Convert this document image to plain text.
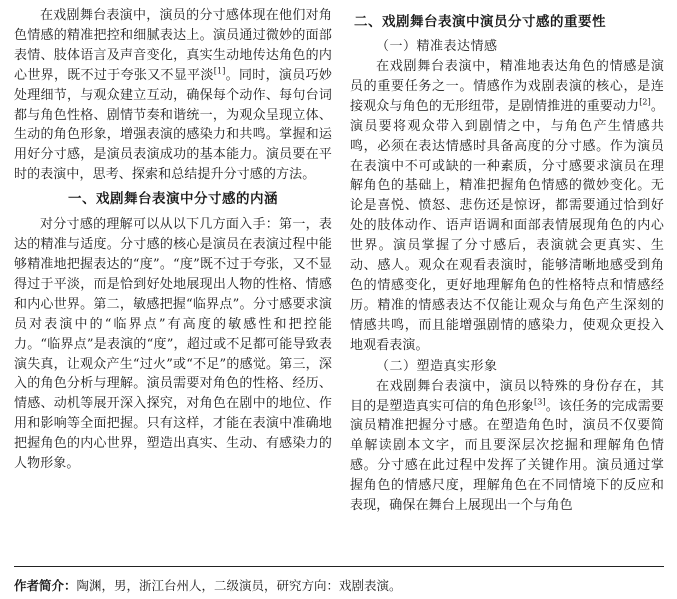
在戏剧舞台表演中，演员的分寸感体现在他们对角色情感的精准把控和细腻表达上。演员通过微妙的面部表情、肢体语言及声音变化，真实生动地传达角色的内心世界，既不过于夸张又不显平淡[1]。同时，演员巧妙处理细节，与观众建立互动，确保每个动作、每句台词都与角色性格、剧情节奏和谐统一，为观众呈现立体、生动的角色形象，增强表演的感染力和共鸣。掌握和运用好分寸感，是演员表演成功的基本能力。演员要在平时的表演中，思考、探索和总结提升分寸感的方法。

一、戏剧舞台表演中分寸感的内涵

对分寸感的理解可以从以下几方面入手：第一，表达的精准与适度。分寸感的核心是演员在表演过程中能够精准地把握表达的“度”。“度”既不过于夸张，又不显得过于平淡，而是恰到好处地展现出人物的性格、情感和内心世界。第二，敏感把握“临界点”。分寸感要求演员对表演中的“临界点”有高度的敏感性和把控能力。“临界点”是表演的“度”，超过或不足都可能导致表演失真，让观众产生“过火”或“不足”的感觉。第三，深入的角色分析与理解。演员需要对角色的性格、经历、情感、动机等展开深入探究，对角色在剧中的地位、作用和影响等全面把握。只有这样，才能在表演中准确地把握角色的内心世界，塑造出真实、生动、有感染力的人物形象。

二、戏剧舞台表演中演员分寸感的重要性
（一）精准表达情感

在戏剧舞台表演中，精准地表达角色的情感是演员的重要任务之一。情感作为戏剧表演的核心，是连接观众与角色的无形纽带，是剧情推进的重要动力[2]。演员要将观众带入到剧情之中，与角色产生情感共鸣，必须在表达情感时具备高度的分寸感。作为演员在表演中不可或缺的一种素质，分寸感要求演员在理解角色的基础上，精准把握角色情感的微妙变化。无论是喜悦、愤怒、悲伤还是惊讶，都需要通过恰到好处的肢体动作、语声语调和面部表情展现角色的内心世界。演员掌握了分寸感后，表演就会更真实、生动、感人。观众在观看表演时，能够清晰地感受到角色的情感变化，更好地理解角色的性格特点和情感经历。精准的情感表达不仅能让观众与角色产生深刻的情感共鸣，而且能增强剧情的感染力，使观众更投入地观看表演。

（二）塑造真实形象

在戏剧舞台表演中，演员以特殊的身份存在，其目的是塑造真实可信的角色形象[3]。该任务的完成需要演员精准把握分寸感。在塑造角色时，演员不仅要简单解读剧本文字，而且要深层次挖掘和理解角色情感。分寸感在此过程中发挥了关键作用。演员通过掌握角色的情感尺度，理解角色在不同情境下的反应和表现，确保在舞台上展现出一个与角色

作者简介：陶渊，男，浙江台州人，二级演员，研究方向：戏剧表演。
